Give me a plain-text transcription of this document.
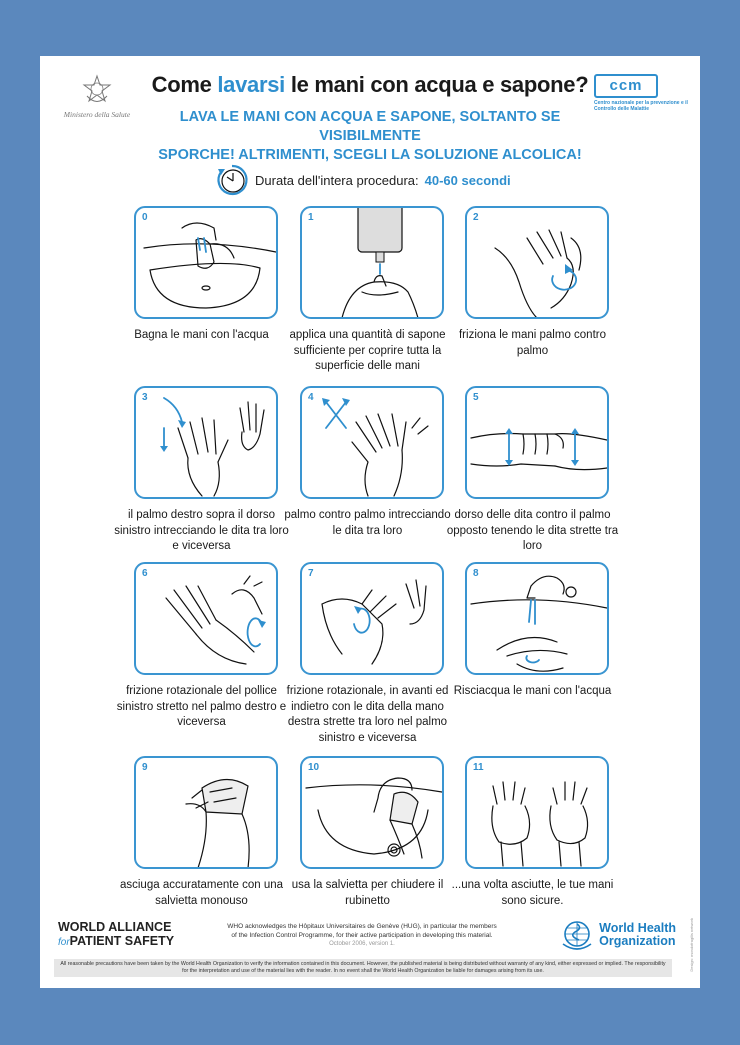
Ministero della Salute
Come lavarsi le mani con acqua e sapone?	ccm
Centro nazionale per la prevenzione e il Controllo delle Malattie
LAVA LE MANI CON ACQUA E SAPONE, SOLTANTO SE VISIBILMENTE
SPORCHE! ALTRIMENTI, SCEGLI LA SOLUZIONE ALCOLICA!
Durata dell'intera procedura: 40-60 secondi
0
Bagna le mani con l'acqua
1
applica una quantità di sapone sufficiente per coprire tutta la superficie delle mani
2
friziona le mani palmo contro palmo
3
il palmo destro sopra il dorso sinistro intrecciando le dita tra loro e viceversa
4
palmo contro palmo intrecciando le dita tra loro
5
dorso delle dita contro il palmo opposto tenendo le dita strette tra loro
6
frizione rotazionale del pollice sinistro stretto nel palmo destro e viceversa
7
frizione rotazionale, in avanti ed indietro con le dita della mano destra strette tra loro nel palmo sinistro e viceversa
8
Risciacqua le mani con l'acqua
9
asciuga accuratamente con una salvietta monouso
10
usa la salvietta per chiudere il rubinetto
11
...una volta asciutte, le tue mani sono sicure.
WORLD ALLIANCE
forPATIENT SAFETY
WHO acknowledges the Hôpitaux Universitaires de Genève (HUG), in particular the members
of the Infection Control Programme, for their active participation in developing this material.
October 2006, version 1.
World Health
Organization
All reasonable precautions have been taken by the World Health Organization to verify the information contained in this document. However, the published material is being distributed without warranty of any kind, either expressed or implied. The responsibility for the interpretation and use of the material lies with the reader. In no event shall the World Health Organization be liable for damages arising from its use.	Design: mondofragilis network
